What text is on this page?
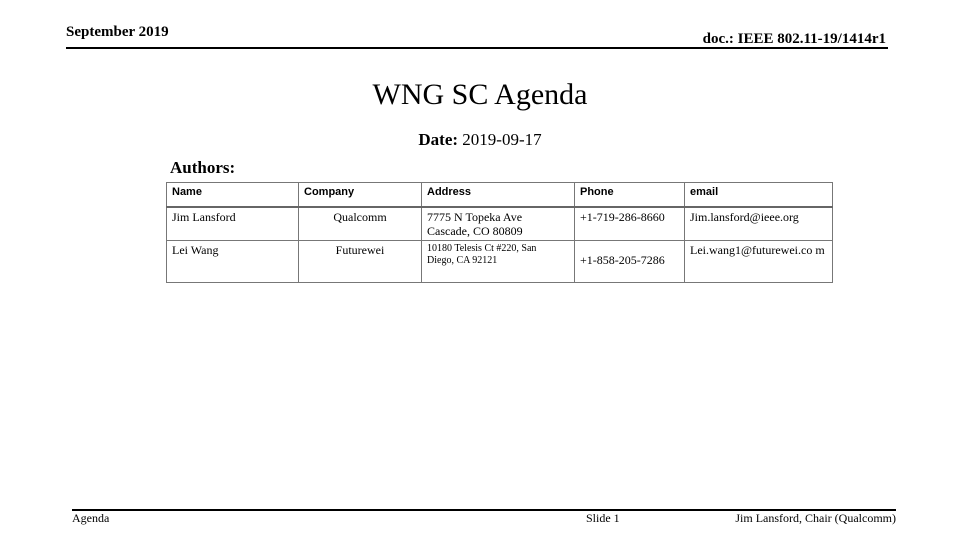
September 2019	doc.: IEEE 802.11-19/1414r1
WNG SC Agenda
Date: 2019-09-17
Authors:
Name	Company	Address	Phone	email
Jim Lansford	Qualcomm	7775 N Topeka Ave
Cascade, CO 80809	+1-719-286-8660	Jim.lansford@ieee.org
Lei Wang	Futurewei	10180 Telesis Ct #220, San
Diego, CA 92121	+1-858-205-7286	Lei.wang1@futurewei.co m
Agenda	Slide 1	Jim Lansford, Chair (Qualcomm)
